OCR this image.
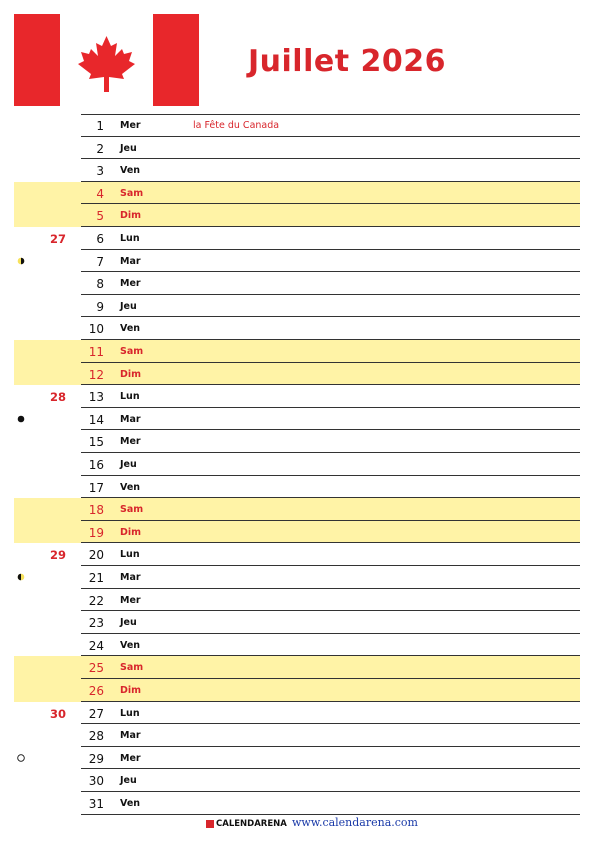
Juillet 2026
1 Mer	la Fête du Canada
2 Jeu
3 Ven
4 Sam
5 Dim
6 Lun
27
7 Mar
8 Mer
9 Jeu
10 Ven
11 Sam
12 Dim
13 Lun
28
14 Mar
15 Mer
16 Jeu
17 Ven
18 Sam
19 Dim
20 Lun
29
21 Mar
22 Mer
23 Jeu
24 Ven
25 Sam
26 Dim
27 Lun
30
28 Mar
29 Mer
30 Jeu
31 Ven
CALENDARENA www.calendarena.com
